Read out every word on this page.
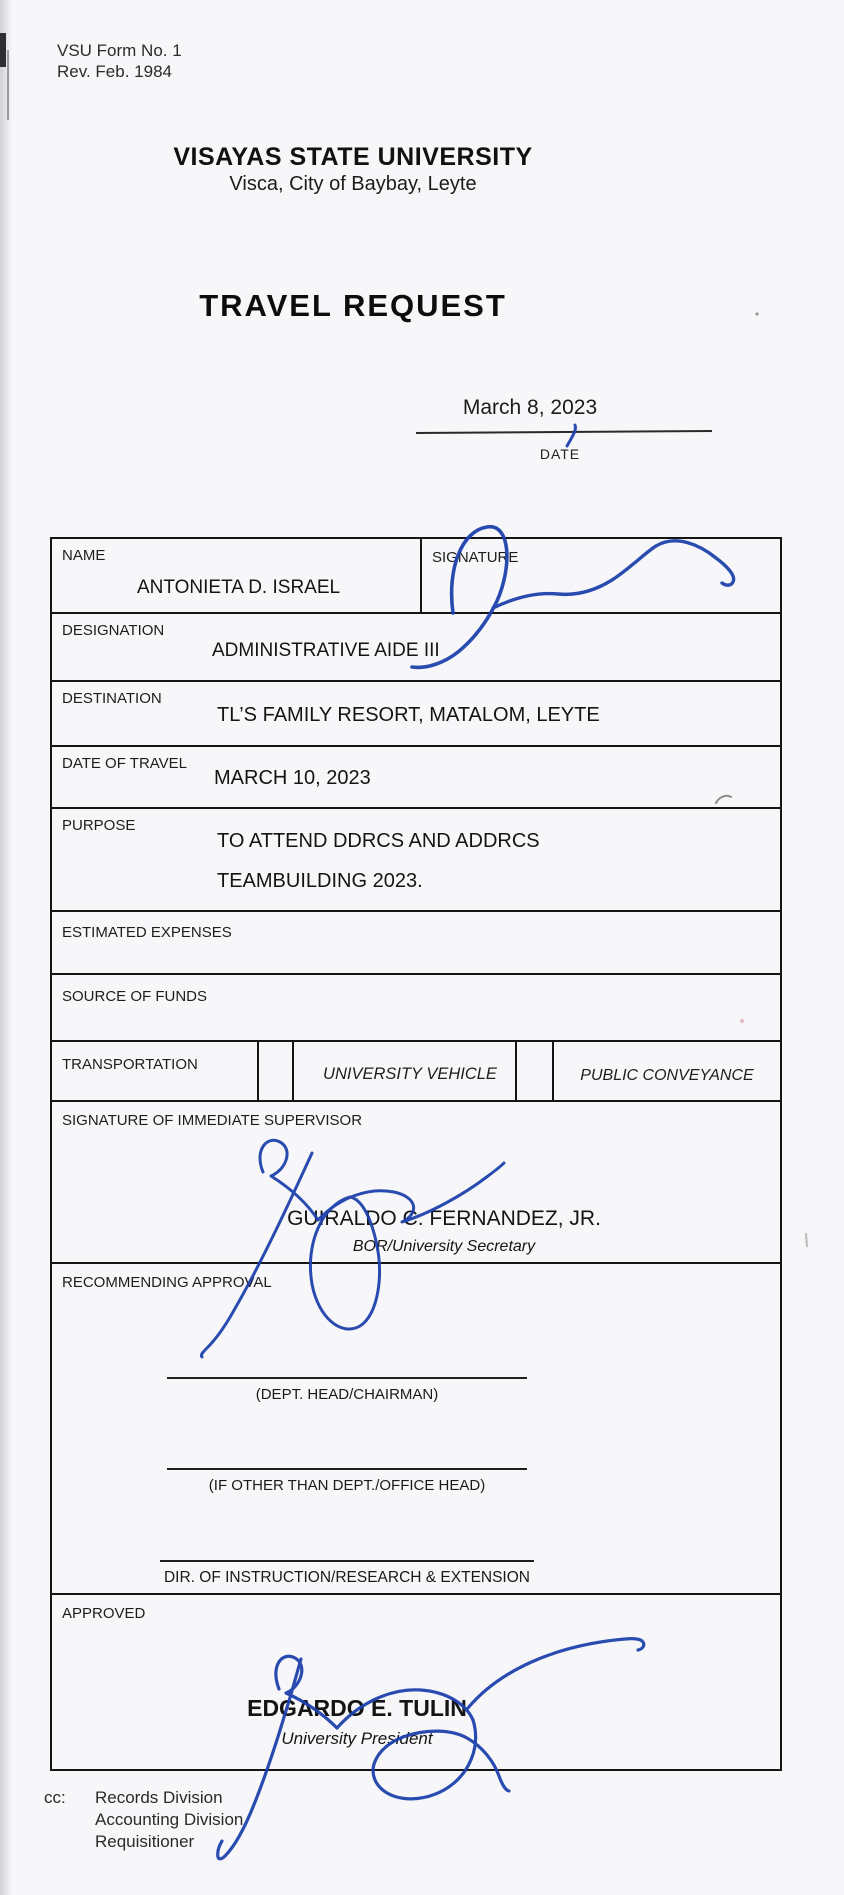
VSU Form No. 1
Rev. Feb. 1984
VISAYAS STATE UNIVERSITY
Visca, City of Baybay, Leyte
TRAVEL REQUEST
March 8, 2023
DATE
NAME
ANTONIETA D. ISRAEL
SIGNATURE
DESIGNATION
ADMINISTRATIVE AIDE III
DESTINATION
TL’S FAMILY RESORT, MATALOM, LEYTE
DATE OF TRAVEL
MARCH 10, 2023
PURPOSE
TO ATTEND DDRCS AND ADDRCS
TEAMBUILDING 2023.
ESTIMATED EXPENSES
SOURCE OF FUNDS
TRANSPORTATION
UNIVERSITY VEHICLE	PUBLIC CONVEYANCE
SIGNATURE OF IMMEDIATE SUPERVISOR
GUIRALDO C. FERNANDEZ, JR.
BOR/University Secretary
RECOMMENDING APPROVAL
(DEPT. HEAD/CHAIRMAN)
(IF OTHER THAN DEPT./OFFICE HEAD)
DIR. OF INSTRUCTION/RESEARCH & EXTENSION
APPROVED
EDGARDO E. TULIN
University President
cc: Records Division
Accounting Division
Requisitioner
